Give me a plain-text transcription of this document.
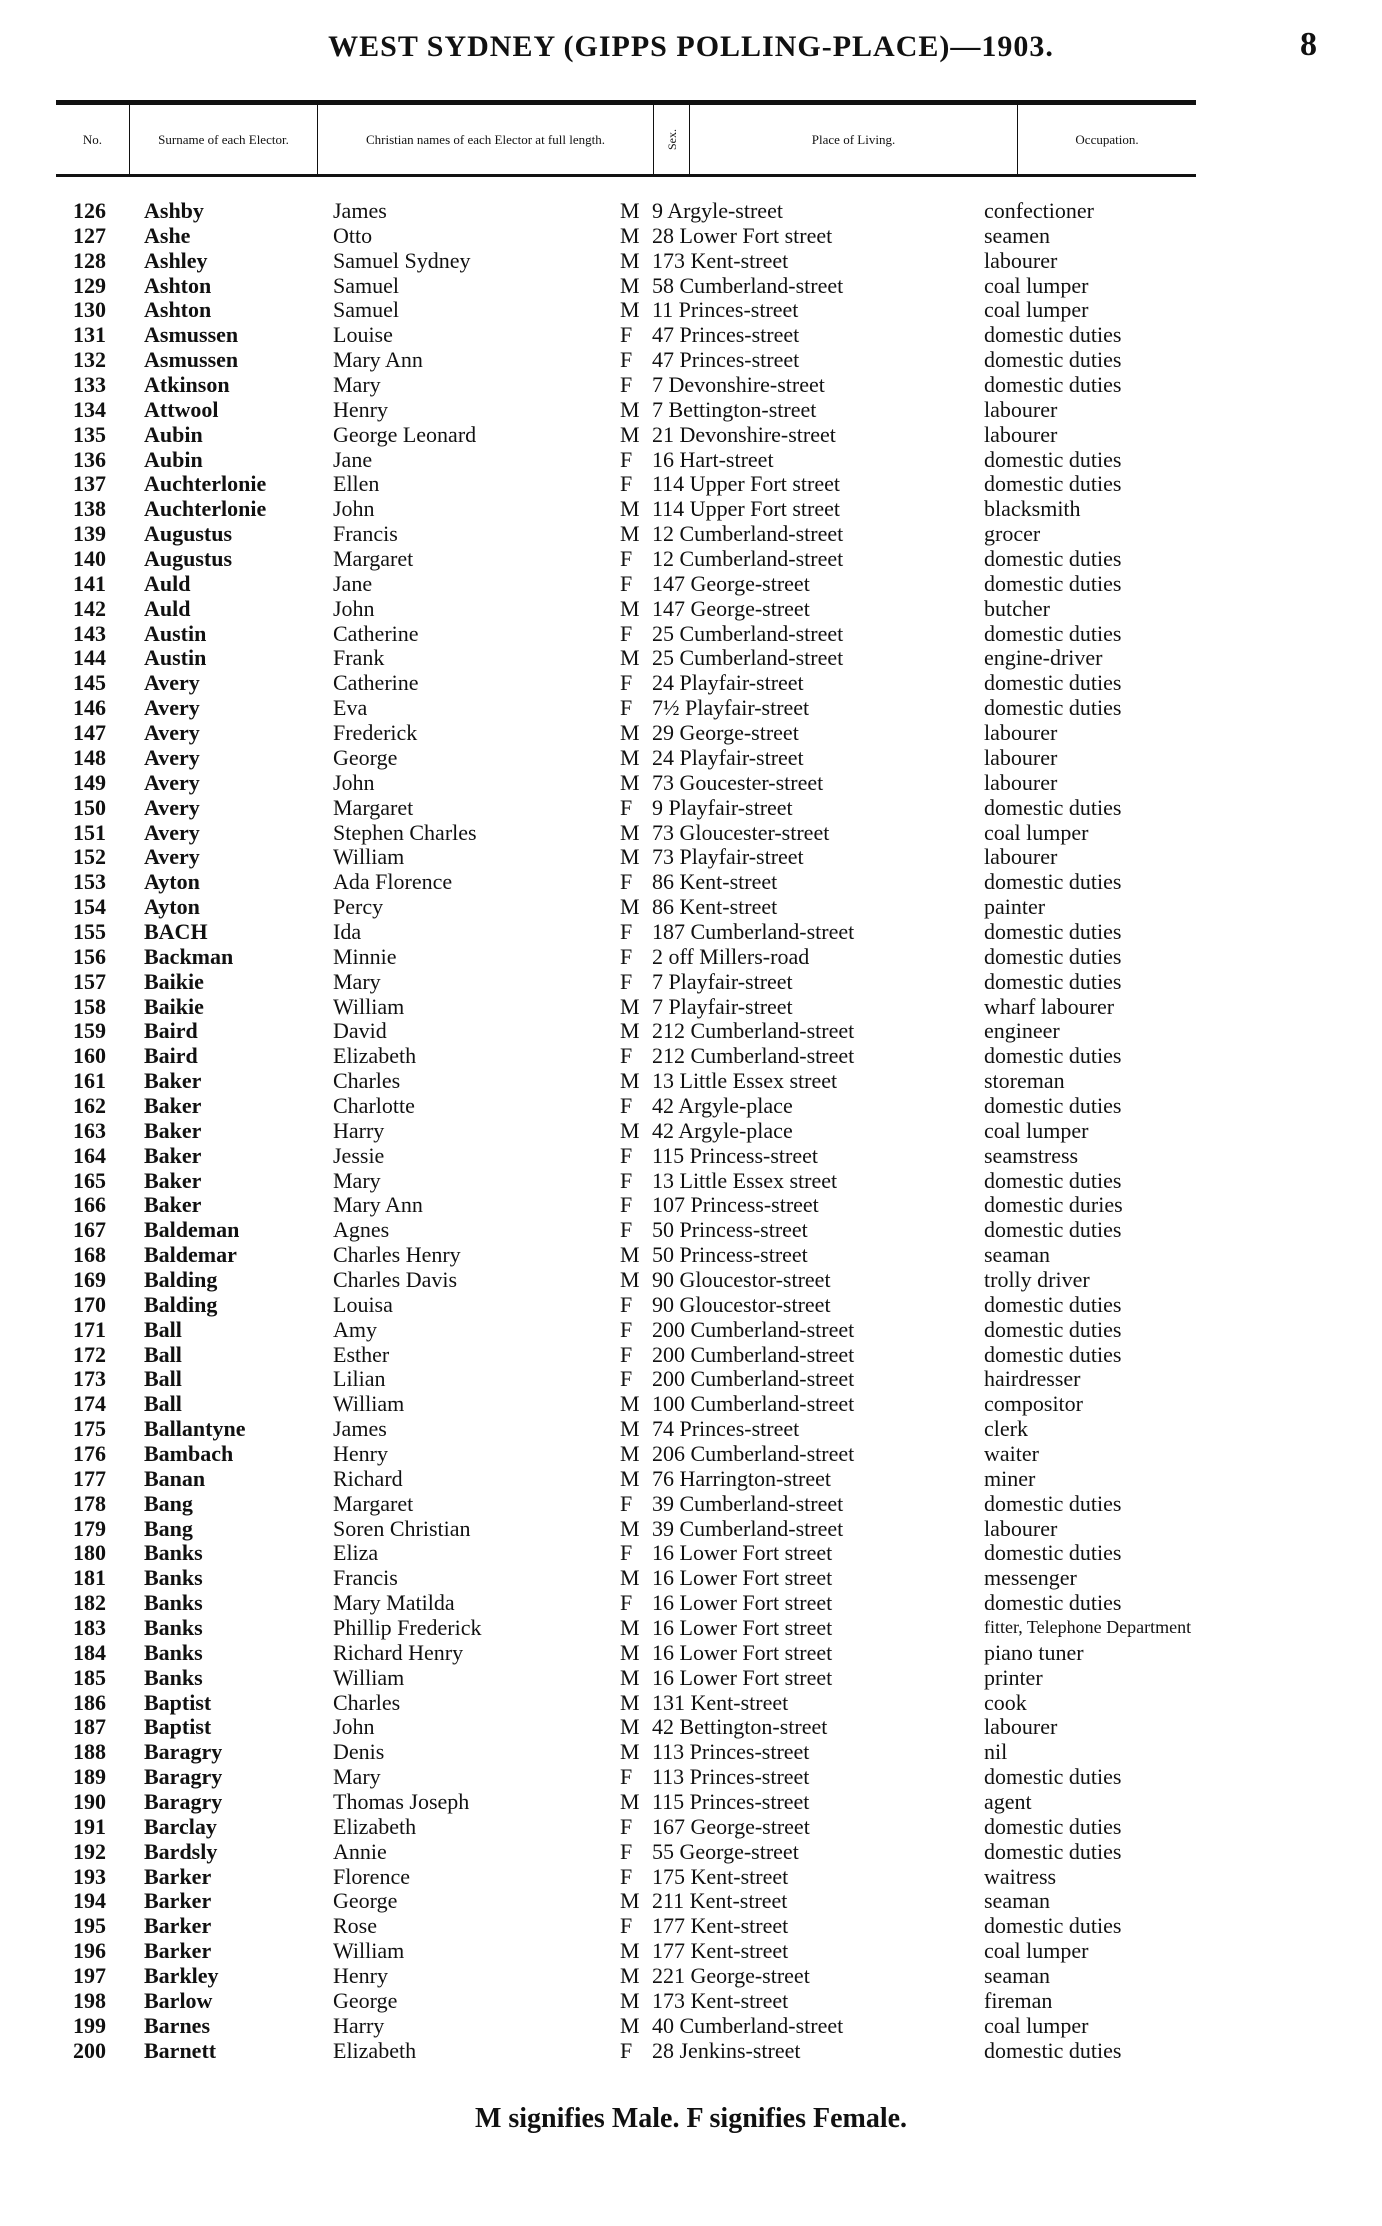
WEST SYDNEY (GIPPS POLLING-PLACE)—1903.	8
No.	Surname of each Elector.	Christian names of each Elector at full length.	Sex.	Place of Living.	Occupation.
126 Ashby	James	M 9 Argyle-street	confectioner
127 Ashe	Otto	M 28 Lower Fort street	seamen
128 Ashley	Samuel Sydney	M 173 Kent-street	labourer
129 Ashton	Samuel	M 58 Cumberland-street	coal lumper
130 Ashton	Samuel	M 11 Princes-street	coal lumper
131 Asmussen	Louise	F 47 Princes-street	domestic duties
132 Asmussen	Mary Ann	F 47 Princes-street	domestic duties
133 Atkinson	Mary	F 7 Devonshire-street	domestic duties
134 Attwool	Henry	M 7 Bettington-street	labourer
135 Aubin	George Leonard	M 21 Devonshire-street	labourer
136 Aubin	Jane	F 16 Hart-street	domestic duties
137 Auchterlonie	Ellen	F 114 Upper Fort street	domestic duties
138 Auchterlonie	John	M 114 Upper Fort street	blacksmith
139 Augustus	Francis	M 12 Cumberland-street	grocer
140 Augustus	Margaret	F 12 Cumberland-street	domestic duties
141 Auld	Jane	F 147 George-street	domestic duties
142 Auld	John	M 147 George-street	butcher
143 Austin	Catherine	F 25 Cumberland-street	domestic duties
144 Austin	Frank	M 25 Cumberland-street	engine-driver
145 Avery	Catherine	F 24 Playfair-street	domestic duties
146 Avery	Eva	F 7½ Playfair-street	domestic duties
147 Avery	Frederick	M 29 George-street	labourer
148 Avery	George	M 24 Playfair-street	labourer
149 Avery	John	M 73 Goucester-street	labourer
150 Avery	Margaret	F 9 Playfair-street	domestic duties
151 Avery	Stephen Charles	M 73 Gloucester-street	coal lumper
152 Avery	William	M 73 Playfair-street	labourer
153 Ayton	Ada Florence	F 86 Kent-street	domestic duties
154 Ayton	Percy	M 86 Kent-street	painter
155 BACH	Ida	F 187 Cumberland-street	domestic duties
156 Backman	Minnie	F 2 off Millers-road	domestic duties
157 Baikie	Mary	F 7 Playfair-street	domestic duties
158 Baikie	William	M 7 Playfair-street	wharf labourer
159 Baird	David	M 212 Cumberland-street	engineer
160 Baird	Elizabeth	F 212 Cumberland-street	domestic duties
161 Baker	Charles	M 13 Little Essex street	storeman
162 Baker	Charlotte	F 42 Argyle-place	domestic duties
163 Baker	Harry	M 42 Argyle-place	coal lumper
164 Baker	Jessie	F 115 Princess-street	seamstress
165 Baker	Mary	F 13 Little Essex street	domestic duties
166 Baker	Mary Ann	F 107 Princess-street	domestic duries
167 Baldeman	Agnes	F 50 Princess-street	domestic duties
168 Baldemar	Charles Henry	M 50 Princess-street	seaman
169 Balding	Charles Davis	M 90 Gloucestor-street	trolly driver
170 Balding	Louisa	F 90 Gloucestor-street	domestic duties
171 Ball	Amy	F 200 Cumberland-street	domestic duties
172 Ball	Esther	F 200 Cumberland-street	domestic duties
173 Ball	Lilian	F 200 Cumberland-street	hairdresser
174 Ball	William	M 100 Cumberland-street	compositor
175 Ballantyne	James	M 74 Princes-street	clerk
176 Bambach	Henry	M 206 Cumberland-street	waiter
177 Banan	Richard	M 76 Harrington-street	miner
178 Bang	Margaret	F 39 Cumberland-street	domestic duties
179 Bang	Soren Christian	M 39 Cumberland-street	labourer
180 Banks	Eliza	F 16 Lower Fort street	domestic duties
181 Banks	Francis	M 16 Lower Fort street	messenger
182 Banks	Mary Matilda	F 16 Lower Fort street	domestic duties
183 Banks	Phillip Frederick	M 16 Lower Fort street	fitter, Telephone Department
184 Banks	Richard Henry	M 16 Lower Fort street	piano tuner
185 Banks	William	M 16 Lower Fort street	printer
186 Baptist	Charles	M 131 Kent-street	cook
187 Baptist	John	M 42 Bettington-street	labourer
188 Baragry	Denis	M 113 Princes-street	nil
189 Baragry	Mary	F 113 Princes-street	domestic duties
190 Baragry	Thomas Joseph	M 115 Princes-street	agent
191 Barclay	Elizabeth	F 167 George-street	domestic duties
192 Bardsly	Annie	F 55 George-street	domestic duties
193 Barker	Florence	F 175 Kent-street	waitress
194 Barker	George	M 211 Kent-street	seaman
195 Barker	Rose	F 177 Kent-street	domestic duties
196 Barker	William	M 177 Kent-street	coal lumper
197 Barkley	Henry	M 221 George-street	seaman
198 Barlow	George	M 173 Kent-street	fireman
199 Barnes	Harry	M 40 Cumberland-street	coal lumper
200 Barnett	Elizabeth	F 28 Jenkins-street	domestic duties
M signifies Male. F signifies Female.
